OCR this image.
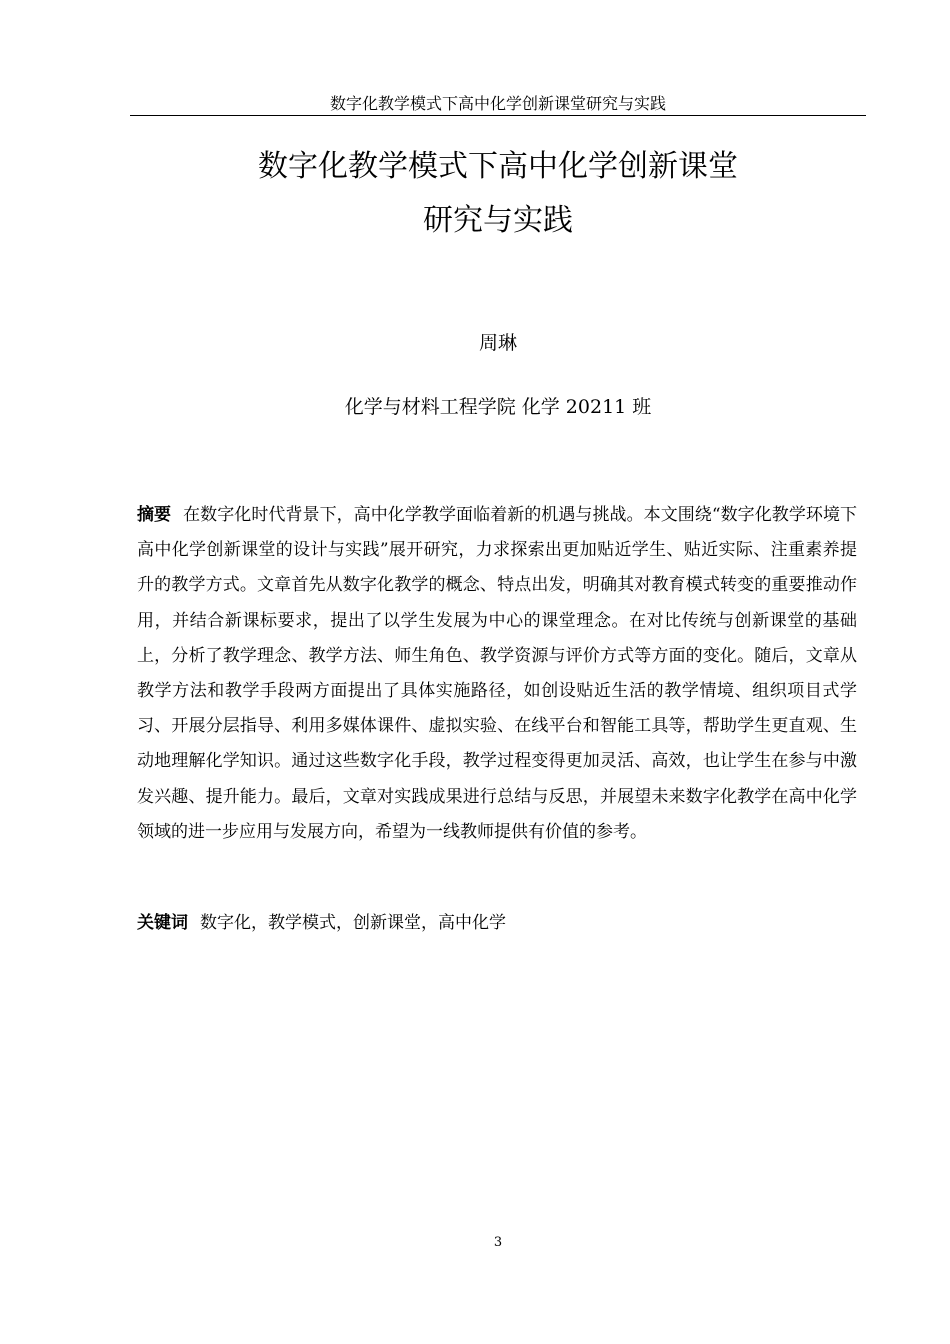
数字化教学模式下高中化学创新课堂研究与实践
数字化教学模式下高中化学创新课堂
研究与实践
周琳
化学与材料工程学院 化学 20211 班

摘要 在数字化时代背景下，高中化学教学面临着新的机遇与挑战。本文围绕“数字化教学环境下高中化学创新课堂的设计与实践”展开研究，力求探索出更加贴近学生、贴近实际、注重素养提升的教学方式。文章首先从数字化教学的概念、特点出发，明确其对教育模式转变的重要推动作用，并结合新课标要求，提出了以学生发展为中心的课堂理念。在对比传统与创新课堂的基础上，分析了教学理念、教学方法、师生角色、教学资源与评价方式等方面的变化。随后，文章从教学方法和教学手段两方面提出了具体实施路径，如创设贴近生活的教学情境、组织项目式学习、开展分层指导、利用多媒体课件、虚拟实验、在线平台和智能工具等，帮助学生更直观、生动地理解化学知识。通过这些数字化手段，教学过程变得更加灵活、高效，也让学生在参与中激发兴趣、提升能力。最后，文章对实践成果进行总结与反思，并展望未来数字化教学在高中化学领域的进一步应用与发展方向，希望为一线教师提供有价值的参考。

关键词 数字化，教学模式，创新课堂，高中化学

3
